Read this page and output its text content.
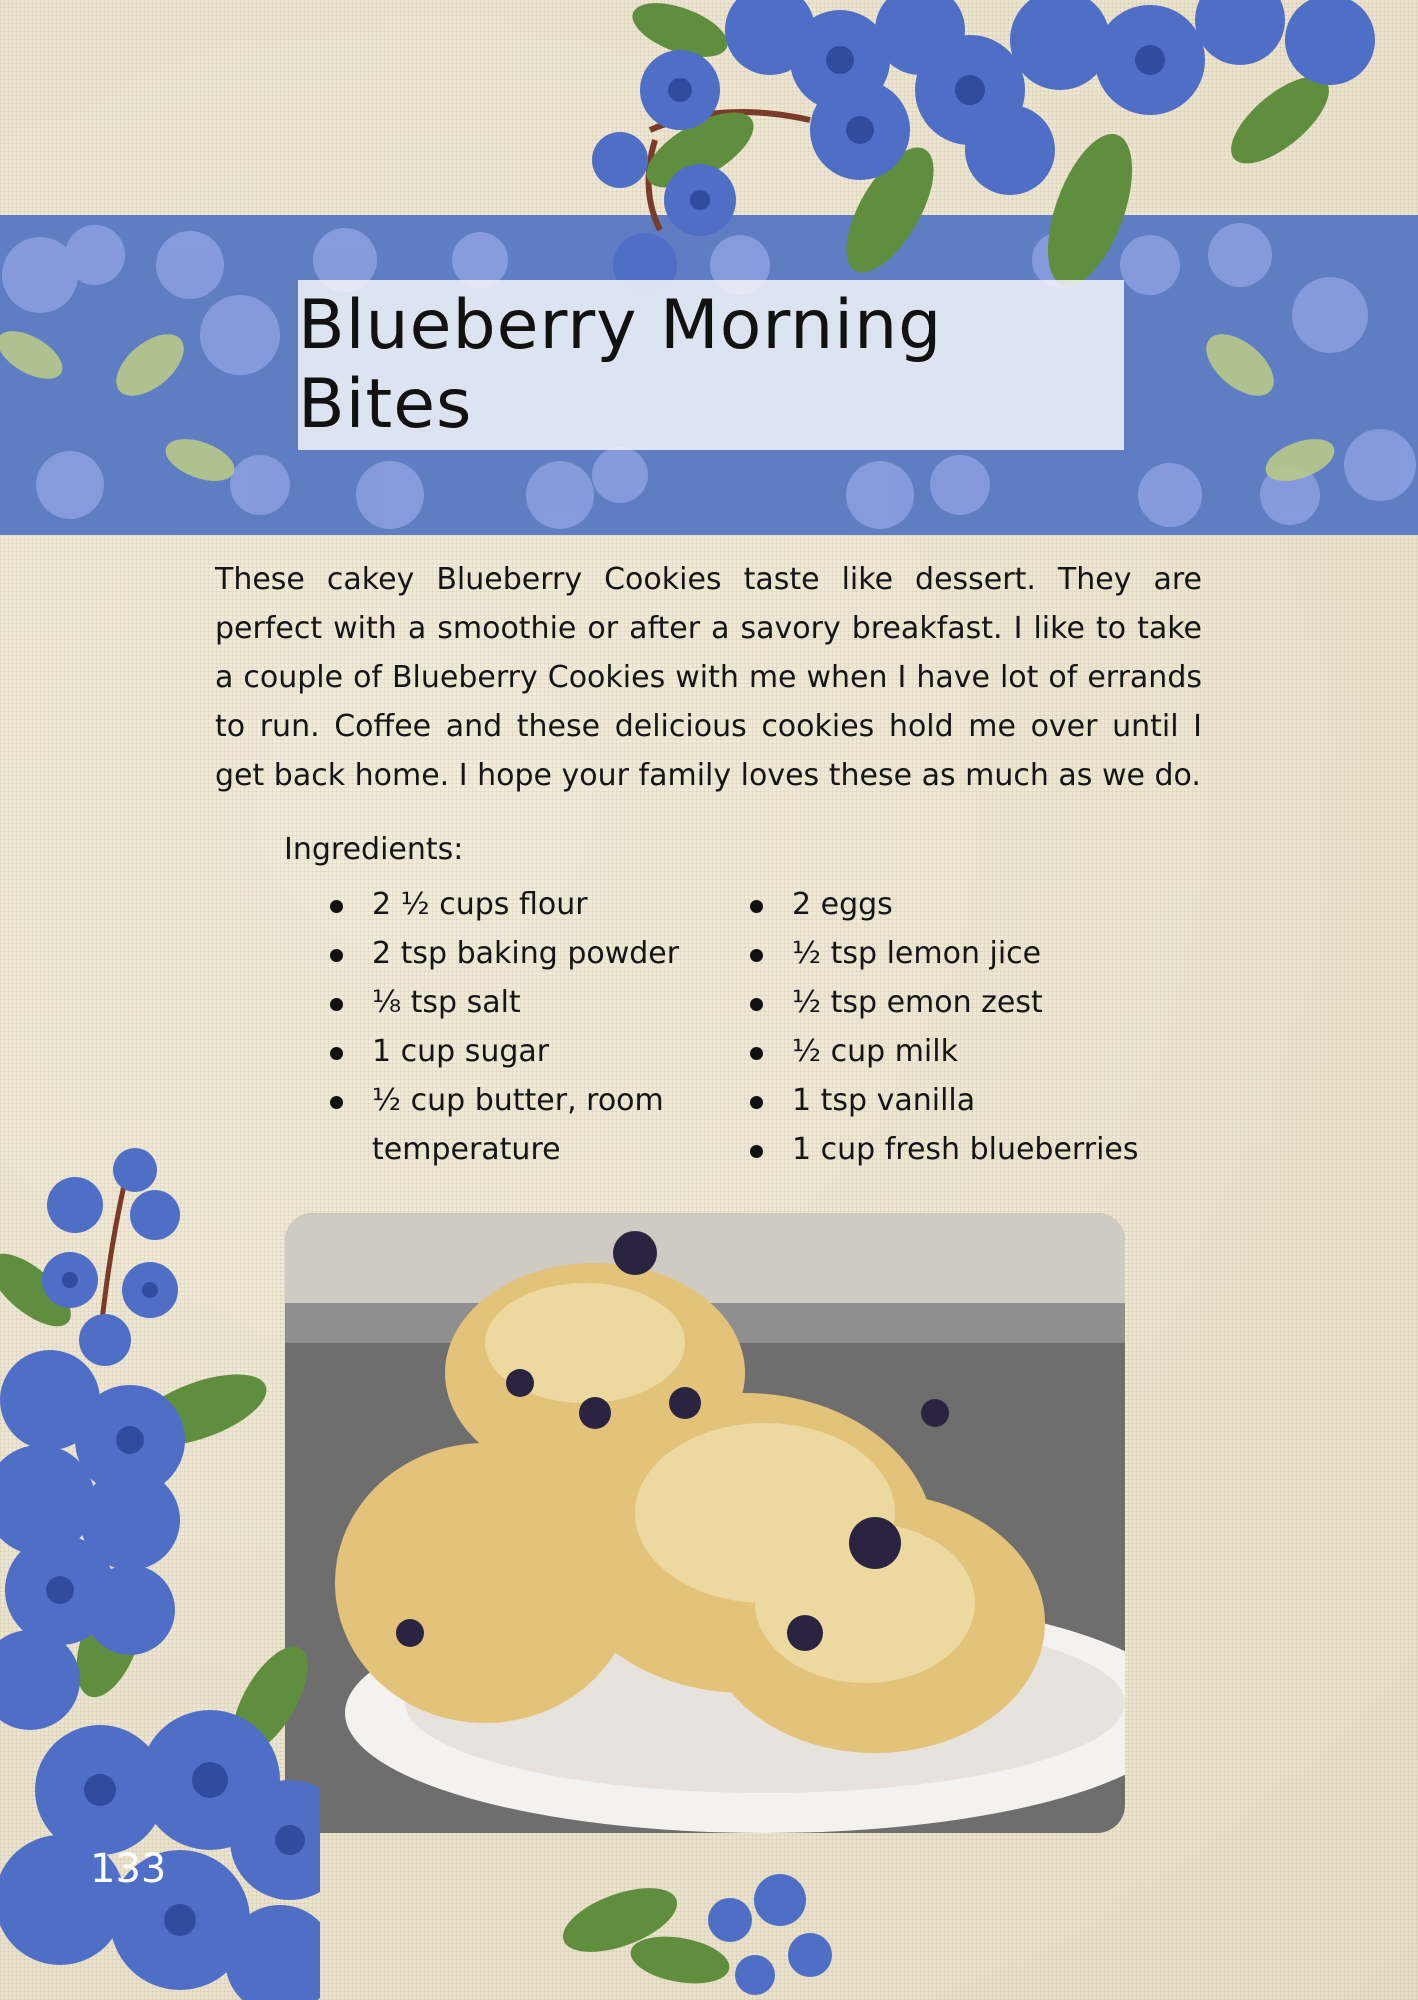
Blueberry Morning Bites

These cakey Blueberry Cookies taste like dessert. They are perfect with a smoothie or after a savory breakfast. I like to take a couple of Blueberry Cookies with me when I have lot of errands to run. Coffee and these delicious cookies hold me over until I get back home. I hope your family loves these as much as we do.

Ingredients:

2 ½ cups flour
2 tsp baking powder
⅛ tsp salt
1 cup sugar
½ cup butter, room temperature
2 eggs
½ tsp lemon jice
½ tsp emon zest
½ cup milk
1 tsp vanilla
1 cup fresh blueberries

133
